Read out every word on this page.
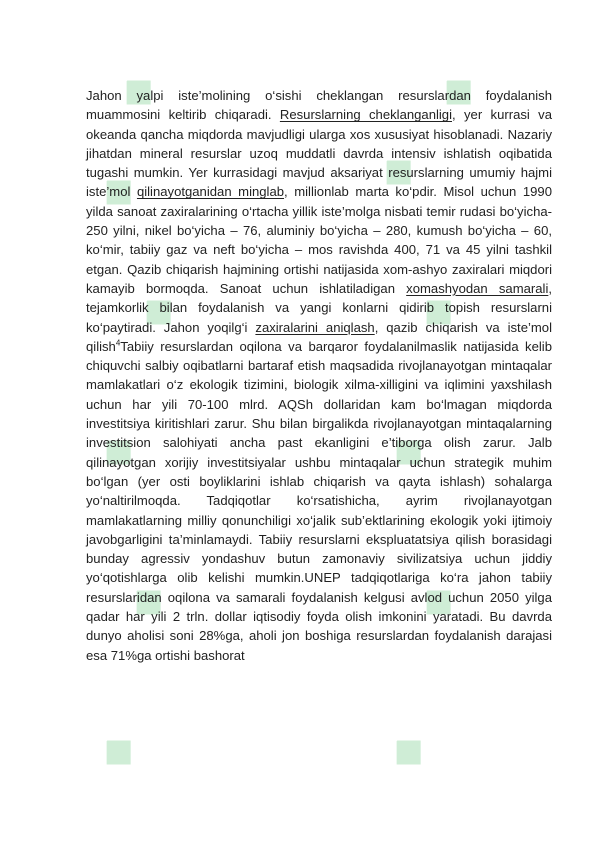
Jahon yalpi iste’molining o‘sishi cheklangan resurslardan foydalanish muammosini keltirib chiqaradi. Resurslarning cheklanganligi, yer kurrasi va okeanda qancha miqdorda mavjudligi ularga xos xususiyat hisoblanadi. Nazariy jihatdan mineral resurslar uzoq muddatli davrda intensiv ishlatish oqibatida tugashi mumkin. Yer kurrasidagi mavjud aksariyat resurslarning umumiy hajmi iste’mol qilinayotganidan minglab, millionlab marta ko‘pdir. Misol uchun 1990 yilda sanoat zaxiralarining o‘rtacha yillik iste’molga nisbati temir rudasi bo‘yicha-250 yilni, nikel bo‘yicha – 76, aluminiy bo‘yicha – 280, kumush bo‘yicha – 60, ko‘mir, tabiiy gaz va neft bo‘yicha – mos ravishda 400, 71 va 45 yilni tashkil etgan. Qazib chiqarish hajmining ortishi natijasida xom-ashyo zaxiralari miqdori kamayib bormoqda. Sanoat uchun ishlatiladigan xomashyodan samarali, tejamkorlik bilan foydalanish va yangi konlarni qidirib topish resurslarni ko‘paytiradi. Jahon yoqilg‘i zaxiralarini aniqlash, qazib chiqarish va iste’mol qilish$^4$Tabiiy resurslardan oqilona va barqaror foydalanilmaslik natijasida kelib chiquvchi salbiy oqibatlarni bartaraf etish maqsadida rivojlanayotgan mintaqalar mamlakatlari o‘z ekologik tizimini, biologik xilma-xilligini va iqlimini yaxshilash uchun har yili 70-100 mlrd. AQSh dollaridan kam bo‘lmagan miqdorda investitsiya kiritishlari zarur. Shu bilan birgalikda rivojlanayotgan mintaqalarning investitsion salohiyati ancha past ekanligini e’tiborga olish zarur. Jalb qilinayotgan xorijiy investitsiyalar ushbu mintaqalar uchun strategik muhim bo‘lgan (yer osti boyliklarini ishlab chiqarish va qayta ishlash) sohalarga yo‘naltirilmoqda. Tadqiqotlar ko‘rsatishicha, ayrim rivojlanayotgan mamlakatlarning milliy qonunchiligi xo‘jalik sub’ektlarining ekologik yoki ijtimoiy javobgarligini ta’minlamaydi. Tabiiy resurslarni ekspluatatsiya qilish borasidagi bunday agressiv yondashuv butun zamonaviy sivilizatsiya uchun jiddiy yo‘qotishlarga olib kelishi mumkin.UNEP tadqiqotlariga ko‘ra jahon tabiiy resurslaridan oqilona va samarali foydalanish kelgusi avlod uchun 2050 yilga qadar har yili 2 trln. dollar iqtisodiy foyda olish imkonini yaratadi. Bu davrda dunyo aholisi soni 28%ga, aholi jon boshiga resurslardan foydalanish darajasi esa 71%ga ortishi bashorat
